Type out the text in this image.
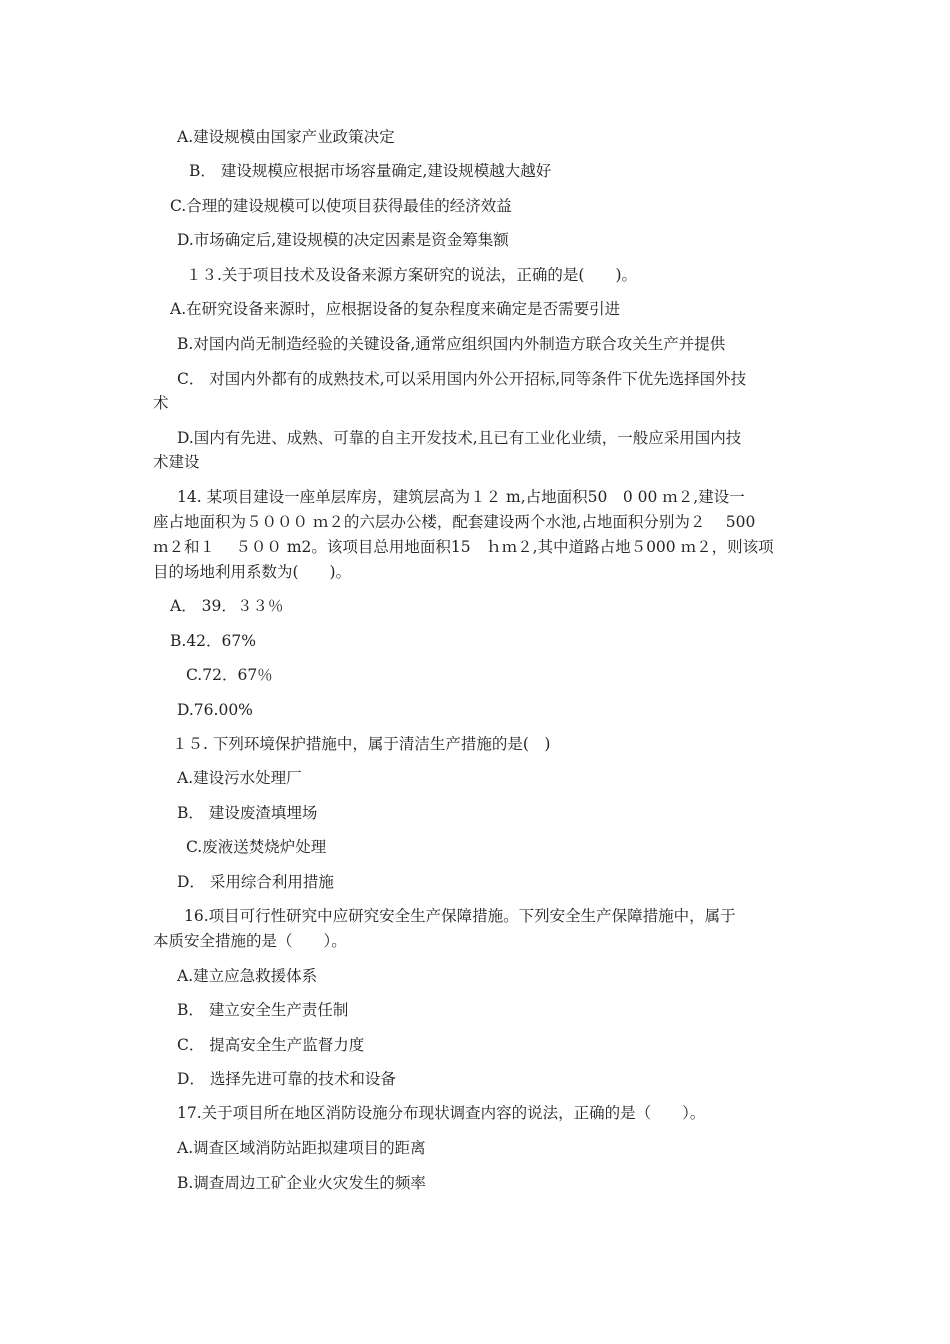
A.建设规模由国家产业政策决定
B． 建设规模应根据市场容量确定,建设规模越大越好
C.合理的建设规模可以使项目获得最佳的经济效益
D.市场确定后,建设规模的决定因素是资金筹集额
１３.关于项目技术及设备来源方案研究的说法，正确的是(　　)。
A.在研究设备来源时，应根据设备的复杂程度来确定是否需要引进
B.对国内尚无制造经验的关键设备,通常应组织国内外制造方联合攻关生产并提供
C． 对国内外都有的成熟技术,可以采用国内外公开招标,同等条件下优先选择国外技
术
D.国内有先进、成熟、可靠的自主开发技术,且已有工业化业绩，一般应采用国内技
术建设
14. 某项目建设一座单层库房，建筑层高为１２ m,占地面积50　0 00 ｍ２,建设一
座占地面积为５０００ ｍ２的六层办公楼，配套建设两个水池,占地面积分别为２　 500
ｍ２和１　 ５００ m2。该项目总用地面积15　ｈｍ２,其中道路占地５000 ｍ２，则该项
目的场地利用系数为(　　)。
A． 39．３３％
B.42．67%
C.72．67％
D.76.00%
１５. 下列环境保护措施中，属于清洁生产措施的是(　)
A.建设污水处理厂
B． 建设废渣填埋场
C.废液送焚烧炉处理
D． 采用综合利用措施
16.项目可行性研究中应研究安全生产保障措施。下列安全生产保障措施中，属于
本质安全措施的是（　　）。
A.建立应急救援体系
B． 建立安全生产责任制
C． 提高安全生产监督力度
D． 选择先进可靠的技术和设备
17.关于项目所在地区消防设施分布现状调查内容的说法，正确的是（　　）。
A.调查区域消防站距拟建项目的距离
B.调查周边工矿企业火灾发生的频率
